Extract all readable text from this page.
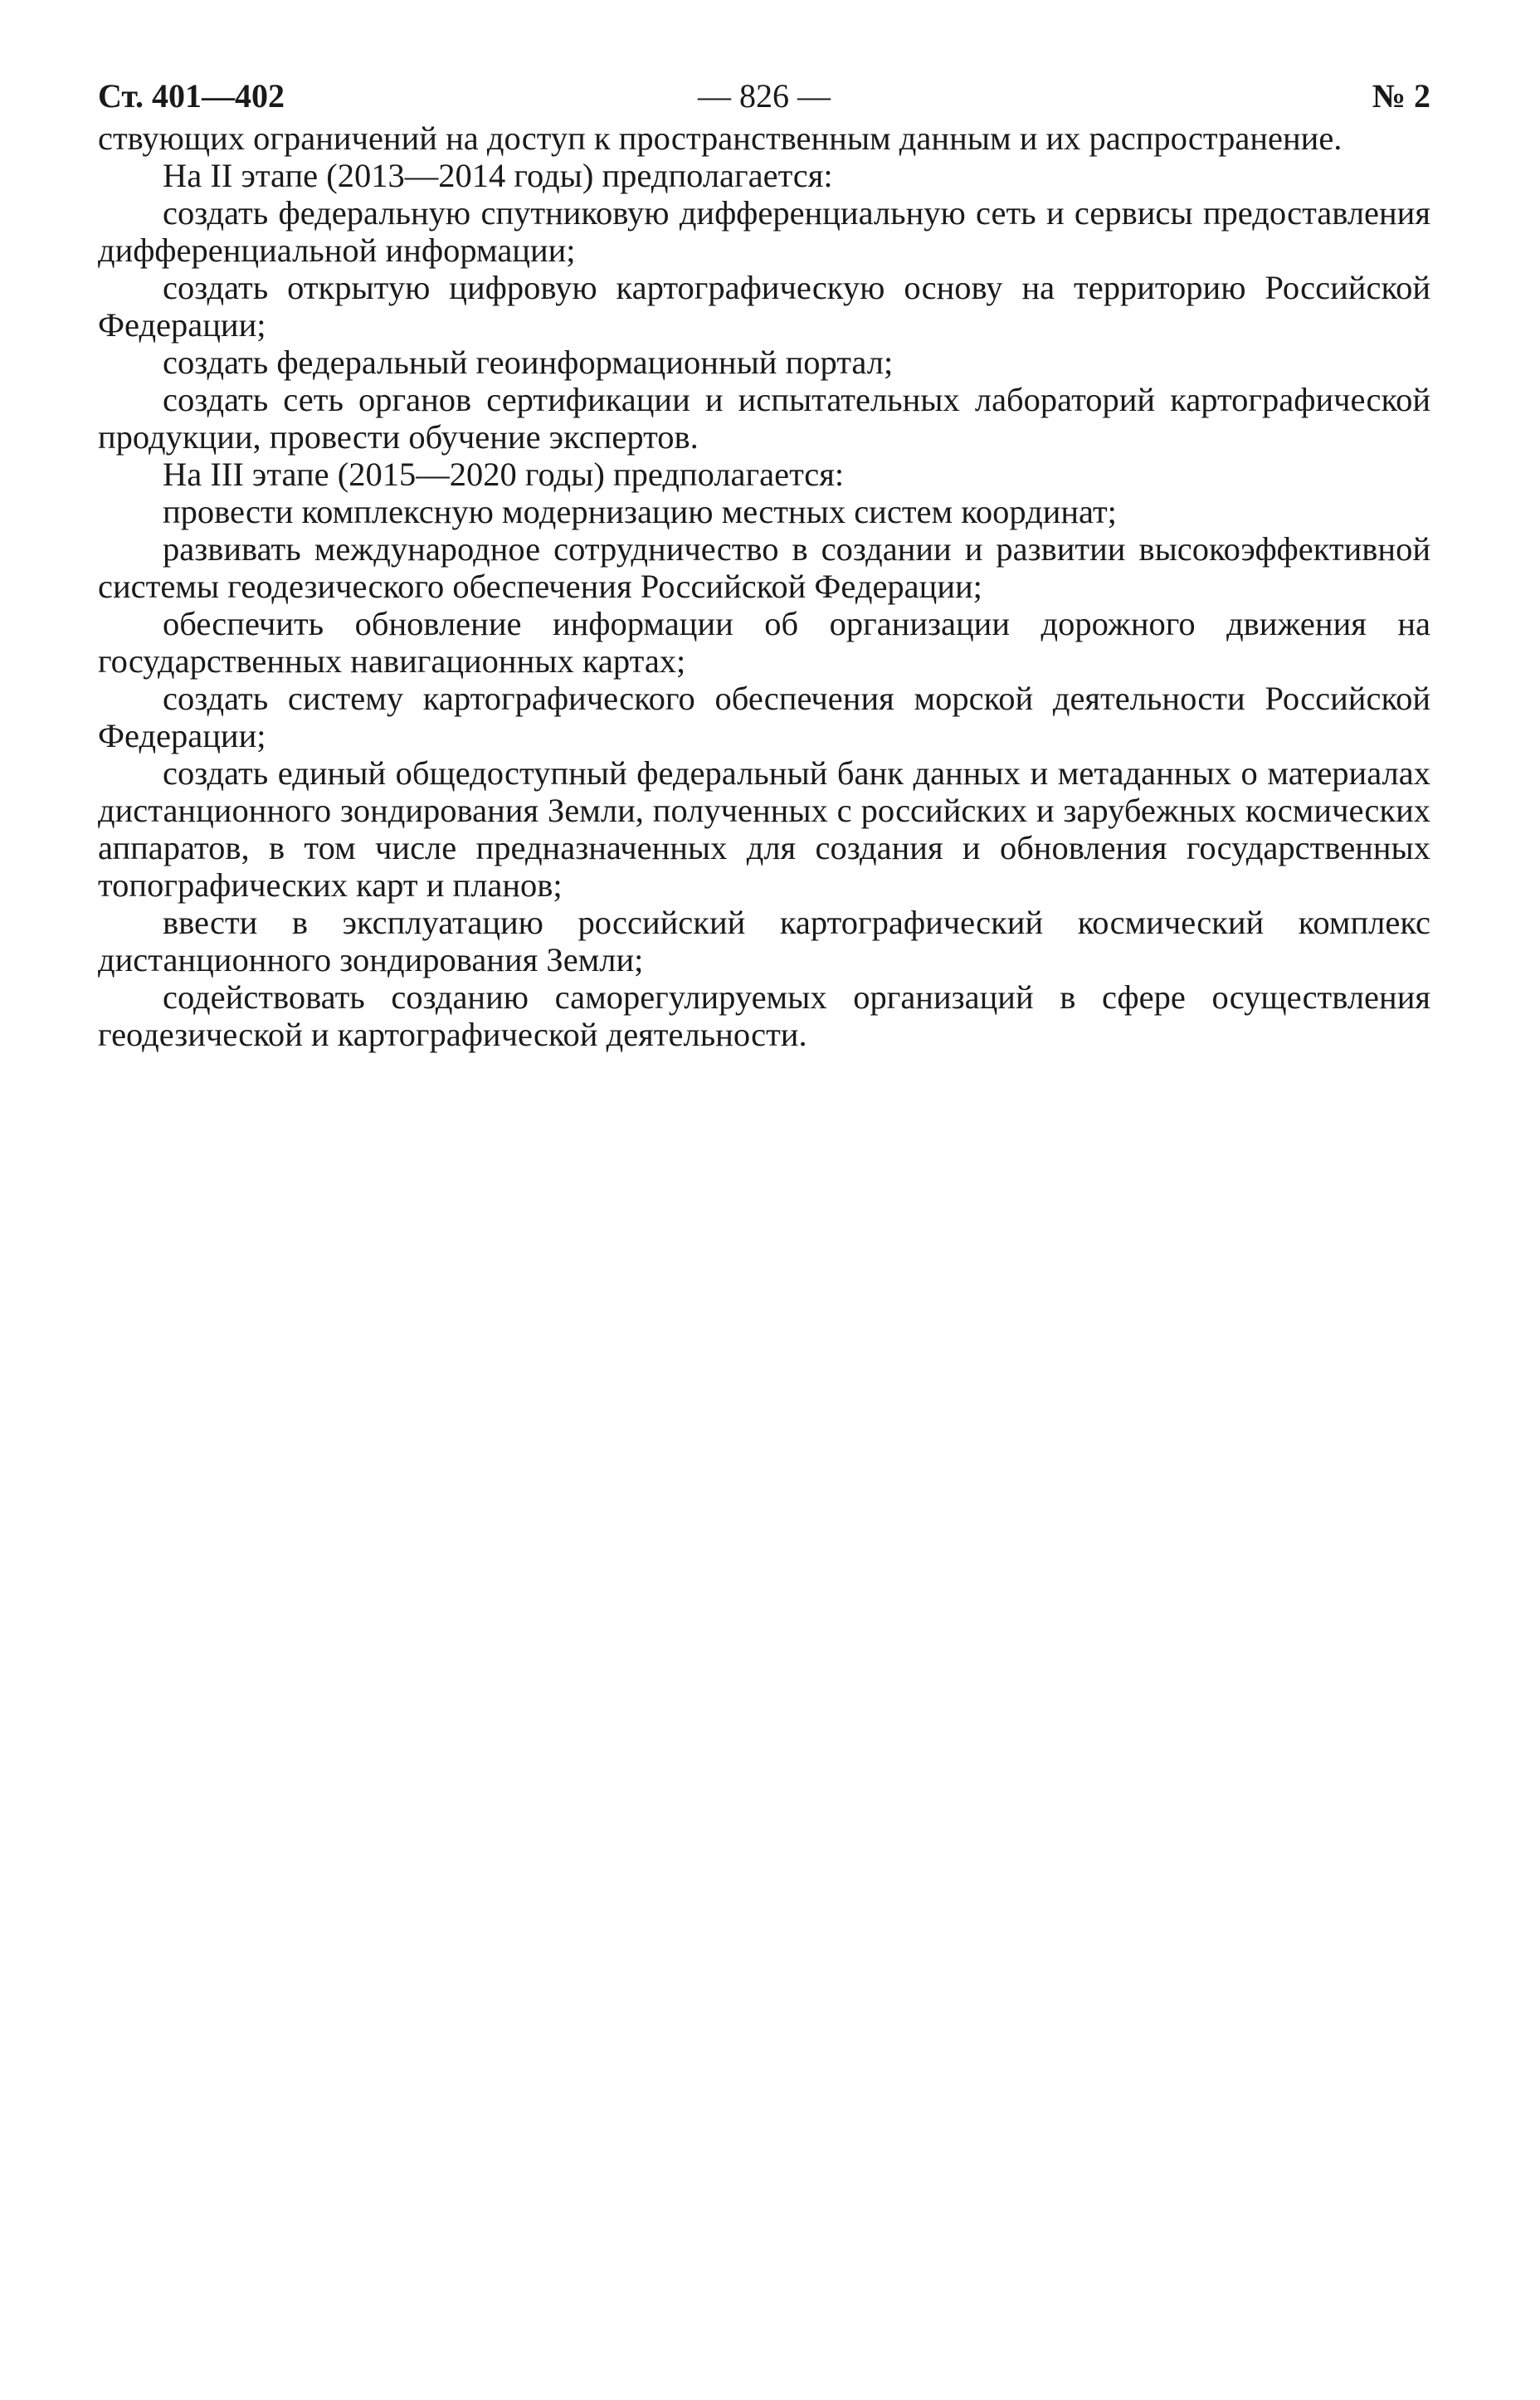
Ст. 401—402	— 826 —	№ 2

ствующих ограничений на доступ к пространственным данным и их распространение.

На II этапе (2013—2014 годы) предполагается:

создать федеральную спутниковую дифференциальную сеть и сервисы предоставления дифференциальной информации;

создать открытую цифровую картографическую основу на территорию Российской Федерации;

создать федеральный геоинформационный портал;

создать сеть органов сертификации и испытательных лабораторий картографической продукции, провести обучение экспертов.

На III этапе (2015—2020 годы) предполагается:

провести комплексную модернизацию местных систем координат;

развивать международное сотрудничество в создании и развитии высокоэффективной системы геодезического обеспечения Российской Федерации;

обеспечить обновление информации об организации дорожного движения на государственных навигационных картах;

создать систему картографического обеспечения морской деятельности Российской Федерации;

создать единый общедоступный федеральный банк данных и метаданных о материалах дистанционного зондирования Земли, полученных с российских и зарубежных космических аппаратов, в том числе предназначенных для создания и обновления государственных топографических карт и планов;

ввести в эксплуатацию российский картографический космический комплекс дистанционного зондирования Земли;

содействовать созданию саморегулируемых организаций в сфере осуществления геодезической и картографической деятельности.
